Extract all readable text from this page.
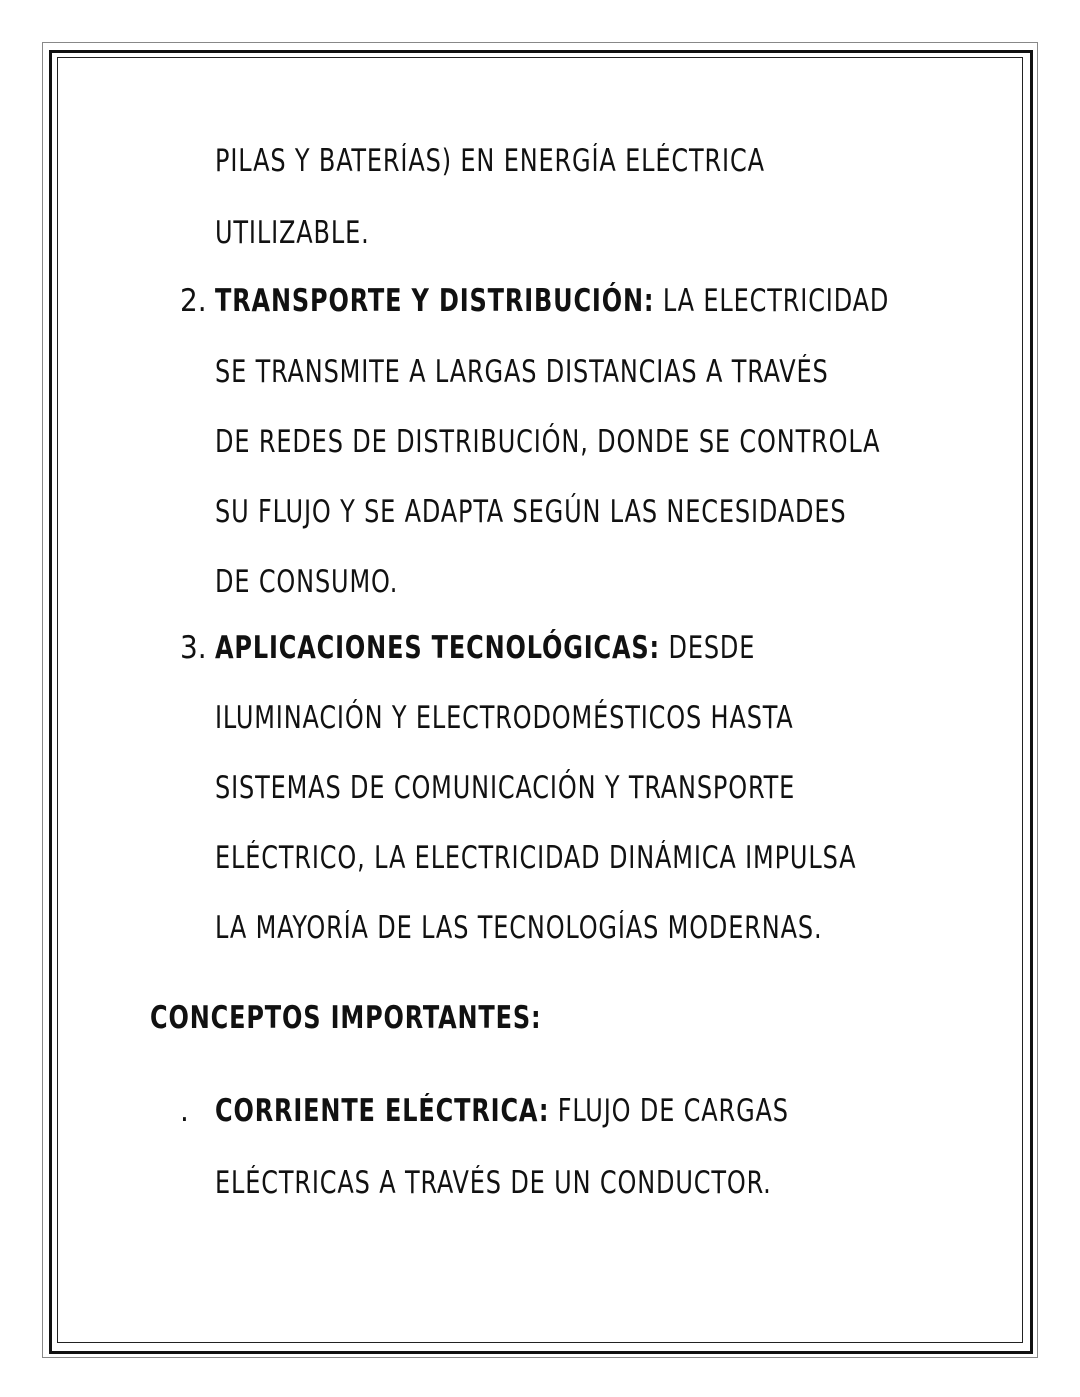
PILAS Y BATERÍAS) EN ENERGÍA ELÉCTRICA
UTILIZABLE.
2. TRANSPORTE Y DISTRIBUCIÓN: LA ELECTRICIDAD
SE TRANSMITE A LARGAS DISTANCIAS A TRAVÉS
DE REDES DE DISTRIBUCIÓN, DONDE SE CONTROLA
SU FLUJO Y SE ADAPTA SEGÚN LAS NECESIDADES
DE CONSUMO.
3. APLICACIONES TECNOLÓGICAS: DESDE
ILUMINACIÓN Y ELECTRODOMÉSTICOS HASTA
SISTEMAS DE COMUNICACIÓN Y TRANSPORTE
ELÉCTRICO, LA ELECTRICIDAD DINÁMICA IMPULSA
LA MAYORÍA DE LAS TECNOLOGÍAS MODERNAS.
CONCEPTOS IMPORTANTES:
. CORRIENTE ELÉCTRICA: FLUJO DE CARGAS
ELÉCTRICAS A TRAVÉS DE UN CONDUCTOR.
